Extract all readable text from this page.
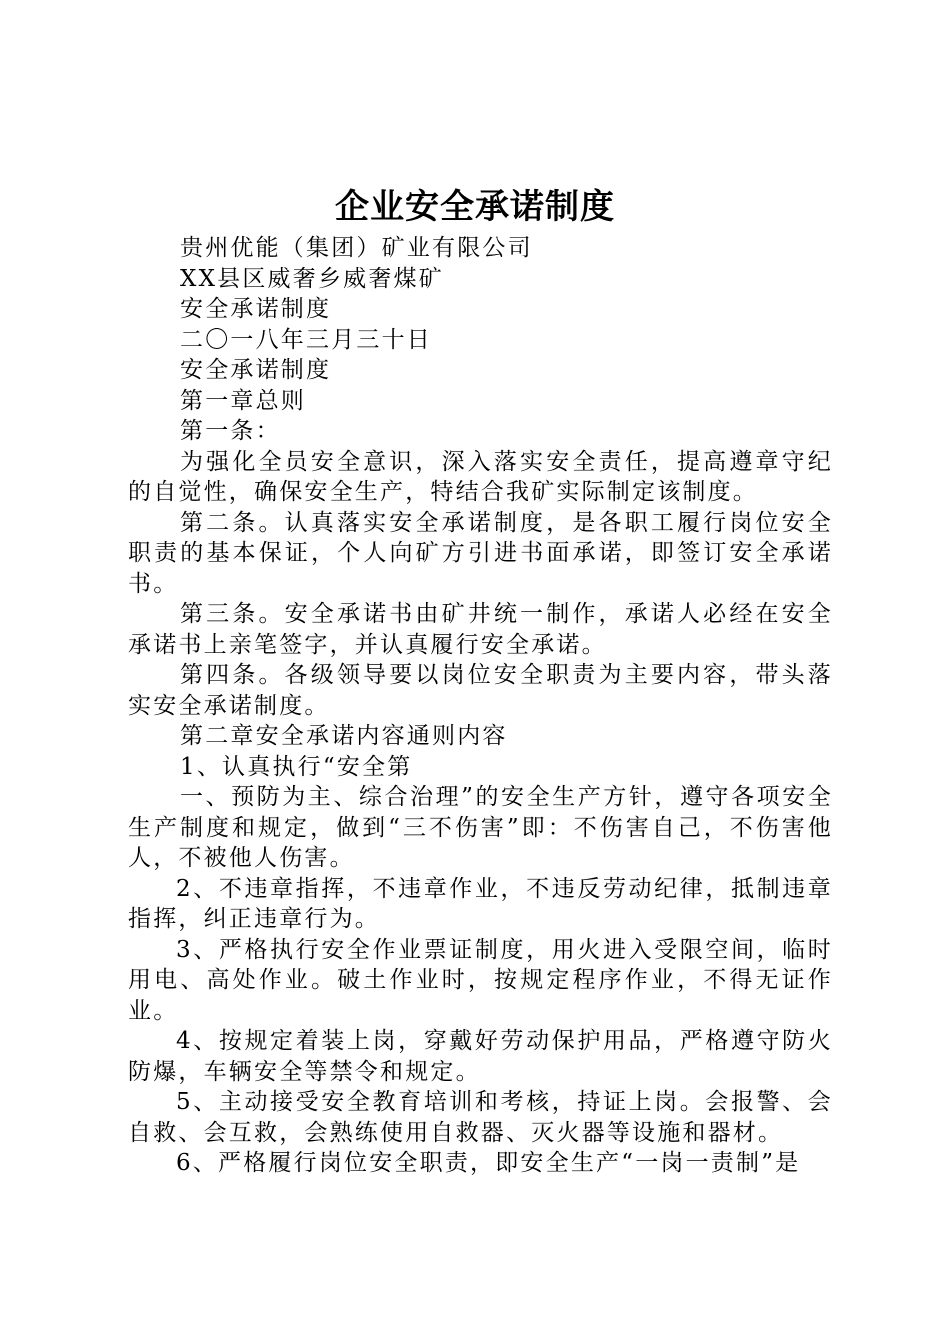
企业安全承诺制度

贵州优能（集团）矿业有限公司

XX县区威奢乡威奢煤矿

安全承诺制度

二〇一八年三月三十日

安全承诺制度

第一章总则

第一条：

为强化全员安全意识，深入落实安全责任，提高遵章守纪的自觉性，确保安全生产，特结合我矿实际制定该制度。

第二条。认真落实安全承诺制度，是各职工履行岗位安全职责的基本保证，个人向矿方引进书面承诺，即签订安全承诺书。

第三条。安全承诺书由矿井统一制作，承诺人必经在安全承诺书上亲笔签字，并认真履行安全承诺。

第四条。各级领导要以岗位安全职责为主要内容，带头落实安全承诺制度。

第二章安全承诺内容通则内容

1、认真执行“安全第

一、预防为主、综合治理”的安全生产方针，遵守各项安全生产制度和规定，做到“三不伤害”即：不伤害自己，不伤害他人，不被他人伤害。

2、不违章指挥，不违章作业，不违反劳动纪律，抵制违章指挥，纠正违章行为。

3、严格执行安全作业票证制度，用火进入受限空间，临时用电、高处作业。破土作业时，按规定程序作业，不得无证作业。

4、按规定着装上岗，穿戴好劳动保护用品，严格遵守防火防爆，车辆安全等禁令和规定。

5、主动接受安全教育培训和考核，持证上岗。会报警、会自救、会互救，会熟练使用自救器、灭火器等设施和器材。

6、严格履行岗位安全职责，即安全生产“一岗一责制”是
